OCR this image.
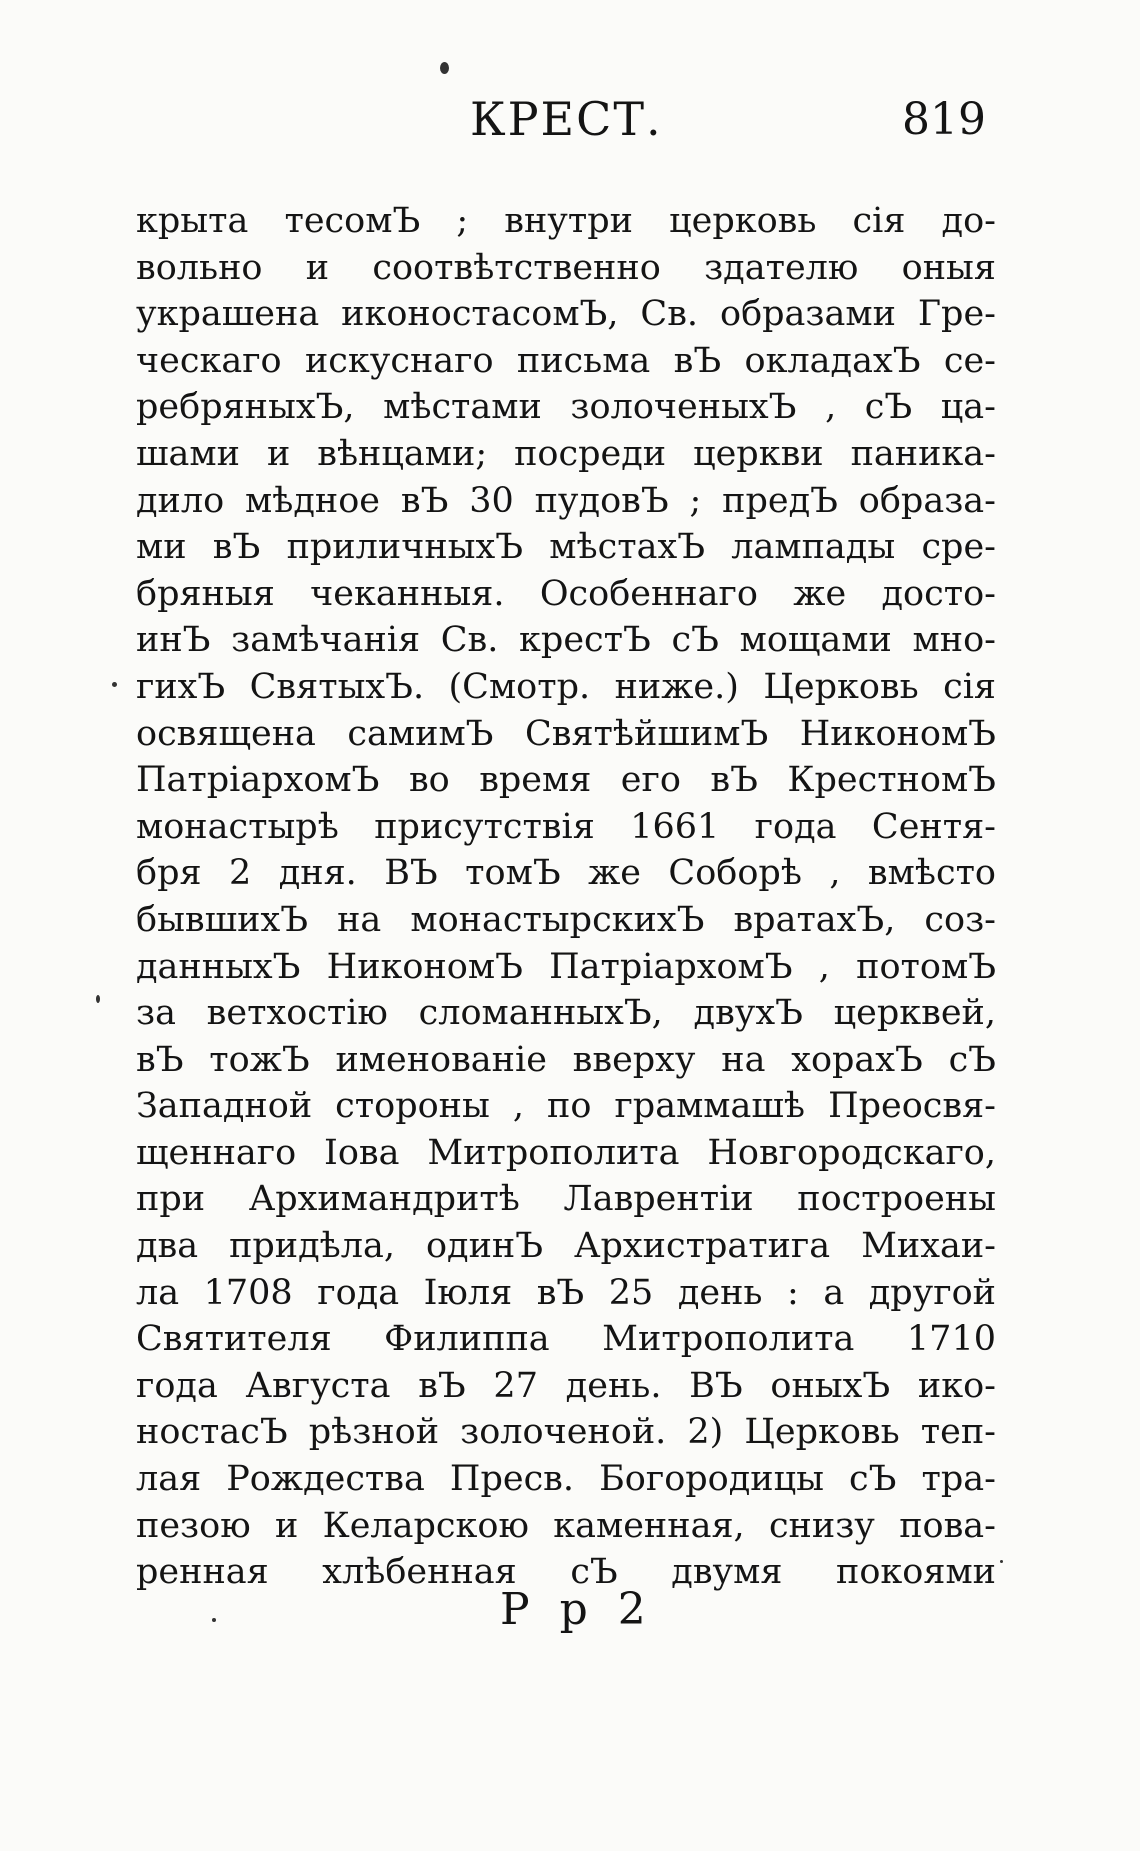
КРЕСТ.	819
крыта тесомЪ ; внутри церковь сія до-
вольно и соотвѣтственно здателю оныя
украшена иконостасомЪ, Св. образами Гре-
ческаго искуснаго письма вЪ окладахЪ се-
ребряныхЪ, мѣстами золоченыхЪ , сЪ ца-
шами и вѣнцами; посреди церкви паника-
дило мѣдное вЪ 30 пудовЪ ; предЪ образа-
ми вЪ приличныхЪ мѣстахЪ лампады сре-
бряныя чеканныя. Особеннаго же досто-
инЪ замѣчанія Св. крестЪ сЪ мощами мно-
гихЪ СвятыхЪ. (Смотр. ниже.) Церковь сія
освящена самимЪ СвятѣйшимЪ НикономЪ
ПатріархомЪ во время его вЪ КрестномЪ
монастырѣ присутствія 1661 года Сентя-
бря 2 дня. ВЪ томЪ же Соборѣ , вмѣсто
бывшихЪ на монастырскихЪ вратахЪ, соз-
данныхЪ НикономЪ ПатріархомЪ , потомЪ
за ветхостію сломанныхЪ, двухЪ церквей,
вЪ тожЪ именованіе вверху на хорахЪ сЪ
Западной стороны , по граммашѣ Преосвя-
щеннаго Іова Митрополита Новгородскаго,
при Архимандритѣ Лаврентіи построены
два придѣла, одинЪ Архистратига Михаи-
ла 1708 года Іюля вЪ 25 день : а другой
Святителя Филиппа Митрополита 1710
года Августа вЪ 27 день. ВЪ оныхЪ ико-
ностасЪ рѣзной золоченой. 2) Церковь теп-
лая Рождества Пресв. Богородицы сЪ тра-
пезою и Келарскою каменная, снизу пова-
ренная хлѣбенная сЪ двумя покоями
Р р 2
